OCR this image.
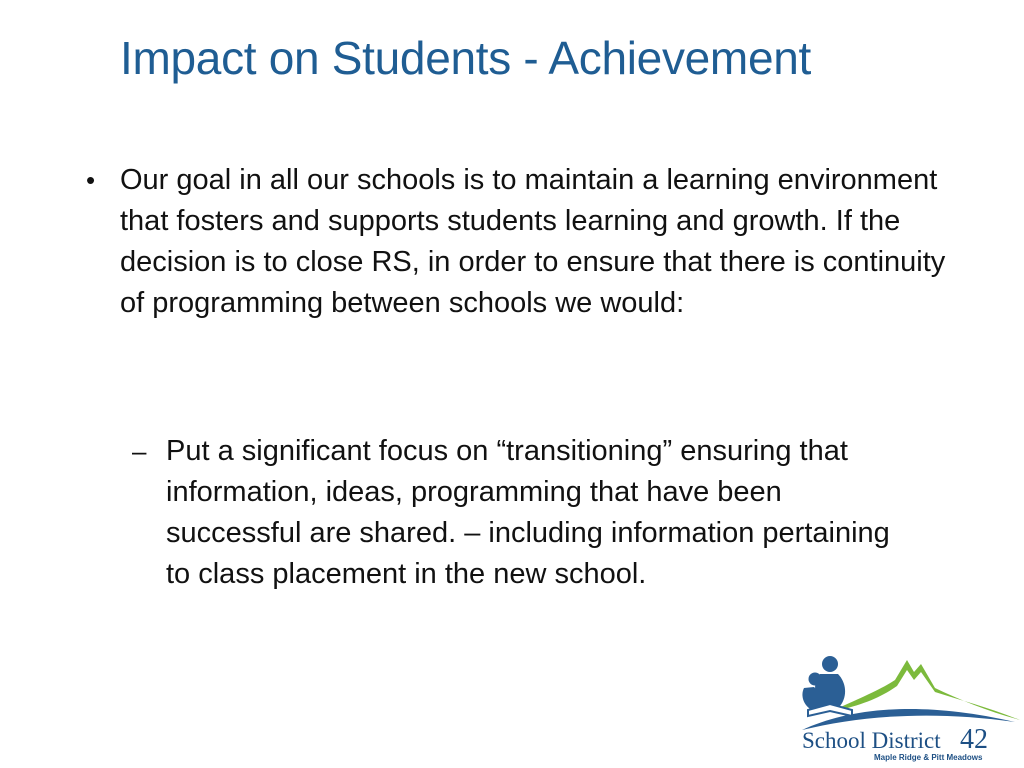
Impact on Students - Achievement
• Our goal in all our schools is to maintain a learning environment that fosters and supports students learning and growth. If the decision is to close RS, in order to ensure that there is continuity of programming between schools we would:
– Put a significant focus on “transitioning” ensuring that information, ideas, programming that have been successful are shared. – including information pertaining to class placement in the new school.
School District 42
Maple Ridge & Pitt Meadows
